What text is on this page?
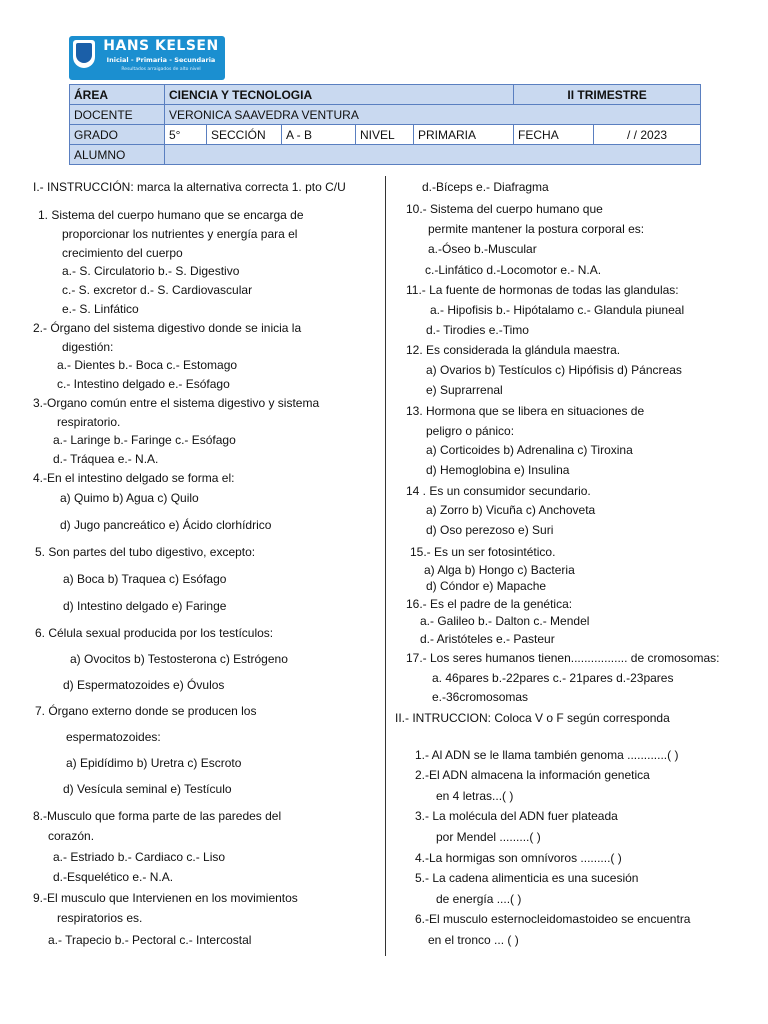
HANS KELSEN
Inicial - Primaria - Secundaria
Resultados arraigados de alto nivel
ÁREA	CIENCIA Y TECNOLOGIA					II TRIMESTRE	
DOCENTE	VERONICA SAAVEDRA VENTURA						
GRADO	5°	SECCIÓN	A - B	NIVEL	PRIMARIA	FECHA	/ / 2023
ALUMNO							
I.- INSTRUCCIÓN: marca la alternativa correcta 1. pto C/U
1. Sistema del cuerpo humano que se encarga de
proporcionar los nutrientes y energía para el
crecimiento del cuerpo
a.- S. Circulatorio b.- S. Digestivo
c.- S. excretor d.- S. Cardiovascular
e.- S. Linfático
2.- Órgano del sistema digestivo donde se inicia la
digestión:
a.- Dientes b.- Boca c.- Estomago
c.- Intestino delgado e.- Esófago
3.-Organo común entre el sistema digestivo y sistema
respiratorio.
a.- Laringe b.- Faringe c.- Esófago
d.- Tráquea e.- N.A.
4.-En el intestino delgado se forma el:
a) Quimo b) Agua c) Quilo
d) Jugo pancreático e) Ácido clorhídrico
5. Son partes del tubo digestivo, excepto:
a) Boca b) Traquea c) Esófago
d) Intestino delgado e) Faringe
6. Célula sexual producida por los testículos:
a) Ovocitos b) Testosterona c) Estrógeno
d) Espermatozoides e) Óvulos
7. Órgano externo donde se producen los
espermatozoides:
a) Epidídimo b) Uretra c) Escroto
d) Vesícula seminal e) Testículo
8.-Musculo que forma parte de las paredes del
corazón.
a.- Estriado b.- Cardiaco c.- Liso
d.-Esquelético e.- N.A.
9.-El musculo que Intervienen en los movimientos
respiratorios es.
a.- Trapecio b.- Pectoral c.- Intercostal
d.-Bíceps e.- Diafragma
10.- Sistema del cuerpo humano que
permite mantener la postura corporal es:
a.-Óseo b.-Muscular
c.-Linfático d.-Locomotor e.- N.A.
11.- La fuente de hormonas de todas las glandulas:
a.- Hipofisis b.- Hipótalamo c.- Glandula piuneal
d.- Tirodies e.-Timo
12. Es considerada la glándula maestra.
a) Ovarios b) Testículos c) Hipófisis d) Páncreas
e) Suprarrenal
13. Hormona que se libera en situaciones de
peligro o pánico:
a) Corticoides b) Adrenalina c) Tiroxina
d) Hemoglobina e) Insulina
14 . Es un consumidor secundario.
a) Zorro b) Vicuña c) Anchoveta
d) Oso perezoso e) Suri
15.- Es un ser fotosintético.
a) Alga b) Hongo c) Bacteria
d) Cóndor e) Mapache
16.- Es el padre de la genética:
a.- Galileo b.- Dalton c.- Mendel
d.- Aristóteles e.- Pasteur
17.- Los seres humanos tienen................. de cromosomas:
a. 46pares b.-22pares c.- 21pares d.-23pares
e.-36cromosomas
II.- INTRUCCION: Coloca V o F según corresponda
1.- Al ADN se le llama también genoma ............( )
2.-El ADN almacena la información genetica
en 4 letras...( )
3.- La molécula del ADN fuer plateada
por Mendel .........( )
4.-La hormigas son omnívoros .........( )
5.- La cadena alimenticia es una sucesión
de energía ....( )
6.-El musculo esternocleidomastoideo se encuentra
en el tronco ... ( )
